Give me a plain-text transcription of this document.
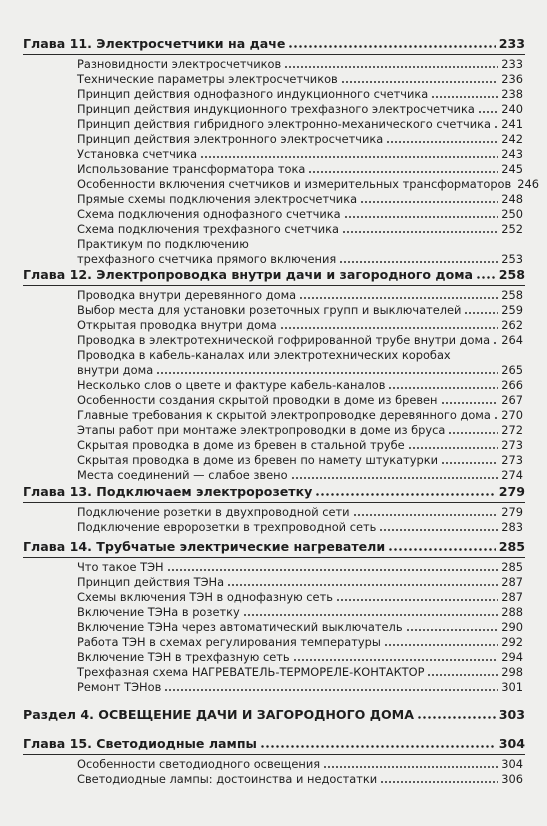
Глава 11. Электросчетчики на даче	233
Разновидности электросчетчиков	233
Технические параметры электросчетчиков	236
Принцип действия однофазного индукционного счетчика	238
Принцип действия индукционного трехфазного электросчетчика 240
Принцип действия гибридного электронно-механического счетчика 241
Принцип действия электронного электросчетчика	242
Установка счетчика	243
Использование трансформатора тока	245
Особенности включения счетчиков и измерительных трансформаторов 246
Прямые схемы подключения электросчетчика	248
Схема подключения однофазного счетчика	250
Схема подключения трехфазного счетчика	252
Практикум по подключению
трехфазного счетчика прямого включения	253
Глава 12. Электропроводка внутри дачи и загородного дома 258
Проводка внутри деревянного дома	258
Выбор места для установки розеточных групп и выключателей	259
Открытая проводка внутри дома	262
Проводка в электротехнической гофрированной трубе внутри дома 264
Проводка в кабель-каналах или электротехнических коробах
внутри дома	265
Несколько слов о цвете и фактуре кабель-каналов	266
Особенности создания скрытой проводки в доме из бревен	267
Главные требования к скрытой электропроводке деревянного дома 270
Этапы работ при монтаже электропроводки в доме из бруса	272
Скрытая проводка в доме из бревен в стальной трубе	273
Скрытая проводка в доме из бревен по намету штукатурки	273
Места соединений — слабое звено	274
Глава 13. Подключаем электророзетку	279
Подключение розетки в двухпроводной сети	279
Подключение евророзетки в трехпроводной сеть	283
Глава 14. Трубчатые электрические нагреватели	285
Что такое ТЭН	285
Принцип действия ТЭНа	287
Схемы включения ТЭН в однофазную сеть	287
Включение ТЭНа в розетку	288
Включение ТЭНа через автоматический выключатель	290
Работа ТЭН в схемах регулирования температуры	292
Включение ТЭН в трехфазную сеть	294
Трехфазная схема НАГРЕВАТЕЛЬ-ТЕРМОРЕЛЕ-КОНТАКТОР	298
Ремонт ТЭНов	301
Раздел 4. ОСВЕЩЕНИЕ ДАЧИ И ЗАГОРОДНОГО ДОМА	303
Глава 15. Светодиодные лампы	304
Особенности светодиодного освещения	304
Светодиодные лампы: достоинства и недостатки	306
